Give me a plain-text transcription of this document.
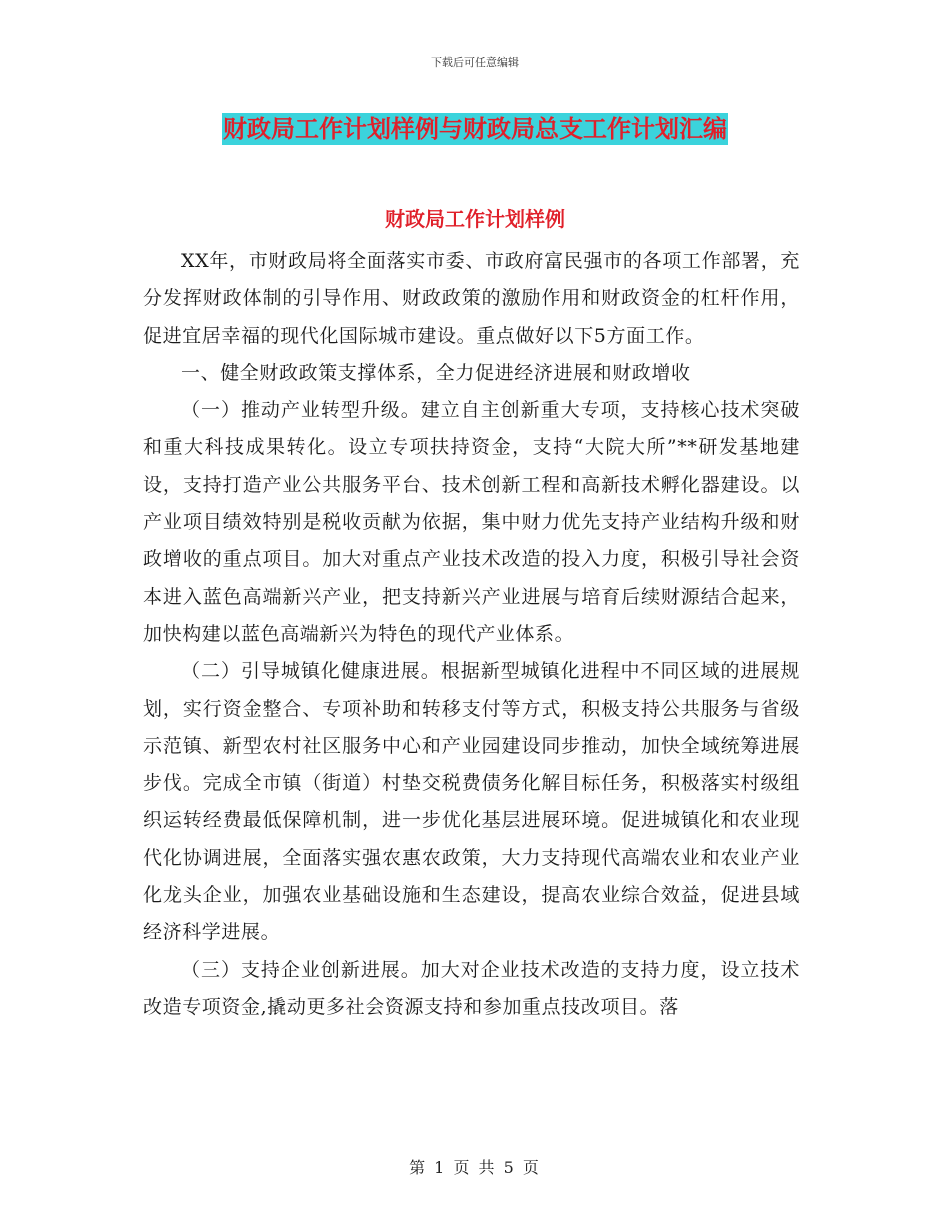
下载后可任意编辑
财政局工作计划样例与财政局总支工作计划汇编
财政局工作计划样例

XX年，市财政局将全面落实市委、市政府富民强市的各项工作部署，充分发挥财政体制的引导作用、财政政策的激励作用和财政资金的杠杆作用，促进宜居幸福的现代化国际城市建设。重点做好以下5方面工作。

一、健全财政政策支撑体系，全力促进经济进展和财政增收

（一）推动产业转型升级。建立自主创新重大专项，支持核心技术突破和重大科技成果转化。设立专项扶持资金，支持“大院大所”**研发基地建设，支持打造产业公共服务平台、技术创新工程和高新技术孵化器建设。以产业项目绩效特别是税收贡献为依据，集中财力优先支持产业结构升级和财政增收的重点项目。加大对重点产业技术改造的投入力度，积极引导社会资本进入蓝色高端新兴产业，把支持新兴产业进展与培育后续财源结合起来，加快构建以蓝色高端新兴为特色的现代产业体系。

（二）引导城镇化健康进展。根据新型城镇化进程中不同区域的进展规划，实行资金整合、专项补助和转移支付等方式，积极支持公共服务与省级示范镇、新型农村社区服务中心和产业园建设同步推动，加快全域统筹进展步伐。完成全市镇（街道）村垫交税费债务化解目标任务，积极落实村级组织运转经费最低保障机制，进一步优化基层进展环境。促进城镇化和农业现代化协调进展，全面落实强农惠农政策，大力支持现代高端农业和农业产业化龙头企业，加强农业基础设施和生态建设，提高农业综合效益，促进县域经济科学进展。

（三）支持企业创新进展。加大对企业技术改造的支持力度，设立技术改造专项资金,撬动更多社会资源支持和参加重点技改项目。落

第 1 页 共 5 页
